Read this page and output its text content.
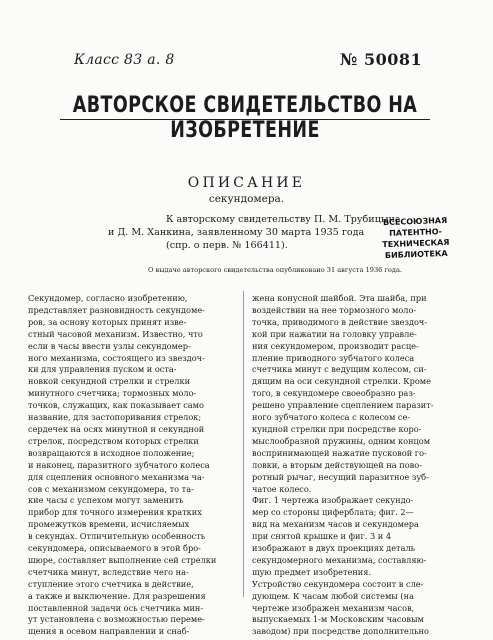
Класс 83 а. 8	№ 50081
АВТОРСКОЕ СВИДЕТЕЛЬСТВО НА ИЗОБРЕТЕНИЕ
ОПИСАНИЕ
секундомера.
К авторскому свидетельству П. М. Трубицына
и Д. М. Ханкина, заявленному 30 марта 1935 года
(спр. о перв. № 166411).
О выдаче авторского свидетельства опубликовано 31 августа 1936 года.
ВСЕСОЮЗНАЯ
ПАТЕНТНО-
ТЕХНИЧЕСКАЯ
БИБЛИОТЕКА
Секундомер, согласно изобретению,
представляет разновидность секундоме-
ров, за основу которых принят изве-
стный часовой механизм. Известно, что
если в часы ввести узлы секундомер-
ного механизма, состоящего из звездоч-
ки для управления пуском и оста-
новкой секундной стрелки и стрелки
минутного счетчика; тормозных моло-
точков, служащих, как показывает само
название, для застопоривания стрелок;
сердечек на осях минутной и секундной
стрелок, посредством которых стрелки
возвращаются в исходное положение;
и наконец, паразитного зубчатого колеса
для сцепления основного механизма ча-
сов с механизмом секундомера, то та-
кие часы с успехом могут заменить
прибор для точного измерения кратких
промежутков времени, исчисляемых
в секундах. Отличительную особенность
секундомера, описываемого в этой бро-
шюре, составляет выполнение сей стрелки
счетчика минут, вследствие чего на-
ступление этого счетчика в действие,
а также и выключение. Для разрешения
поставленной задачи ось счетчика мин-
ут установлена с возможностью переме-
щения в осевом направлении и снаб-
жена конусной шайбой. Эта шайба, при
воздействии на нее тормозного моло-
точка, приводимого в действие звездоч-
кой при нажатии на головку управле-
ния секундомером, производит расце-
пление приводного зубчатого колеса
счетчика минут с ведущим колесом, си-
дящим на оси секундной стрелки. Кроме
того, в секундомере своеобразно раз-
решено управление сцеплением паразит-
ного зубчатого колеса с колесом се-
кундной стрелки при посредстве коро-
мыслообразной пружины, одним концом
воспринимающей нажатие пусковой го-
ловки, а вторым действующей на пово-
ротный рычаг, несущий паразитное зуб-
чатое колесо.
Фиг. 1 чертежа изображает секундо-
мер со стороны циферблата; фиг. 2—
вид на механизм часов и секундомера
при снятой крышке и фиг. 3 и 4
изображают в двух проекциях деталь
секундомерного механизма, составляю-
щую предмет изобретения.
Устройство секундомера состоит в сле-
дующем. К часам любой системы (на
чертеже изображен механизм часов,
выпускаемых 1-м Московским часовым
заводом) при посредстве дополнительно
